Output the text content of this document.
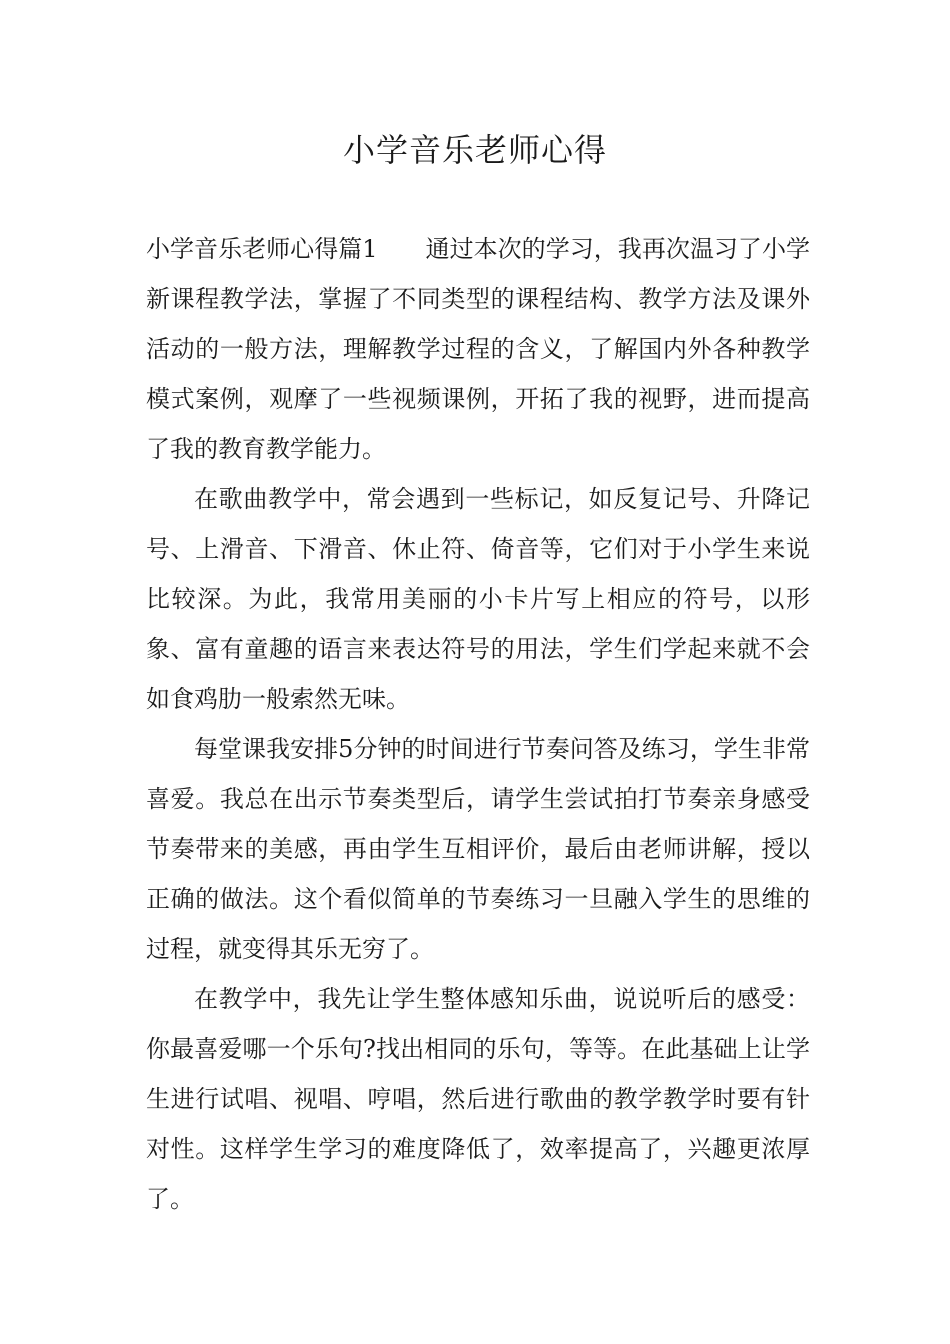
小学音乐老师心得

小学音乐老师心得篇1 通过本次的学习，我再次温习了小学新课程教学法，掌握了不同类型的课程结构、教学方法及课外活动的一般方法，理解教学过程的含义，了解国内外各种教学模式案例，观摩了一些视频课例，开拓了我的视野，进而提高了我的教育教学能力。

在歌曲教学中，常会遇到一些标记，如反复记号、升降记号、上滑音、下滑音、休止符、倚音等，它们对于小学生来说比较深。为此，我常用美丽的小卡片写上相应的符号，以形象、富有童趣的语言来表达符号的用法，学生们学起来就不会如食鸡肋一般索然无味。

每堂课我安排5分钟的时间进行节奏问答及练习，学生非常喜爱。我总在出示节奏类型后，请学生尝试拍打节奏亲身感受节奏带来的美感，再由学生互相评价，最后由老师讲解，授以正确的做法。这个看似简单的节奏练习一旦融入学生的思维的过程，就变得其乐无穷了。

在教学中，我先让学生整体感知乐曲，说说听后的感受：你最喜爱哪一个乐句?找出相同的乐句，等等。在此基础上让学生进行试唱、视唱、哼唱，然后进行歌曲的教学教学时要有针对性。这样学生学习的难度降低了，效率提高了，兴趣更浓厚了。
